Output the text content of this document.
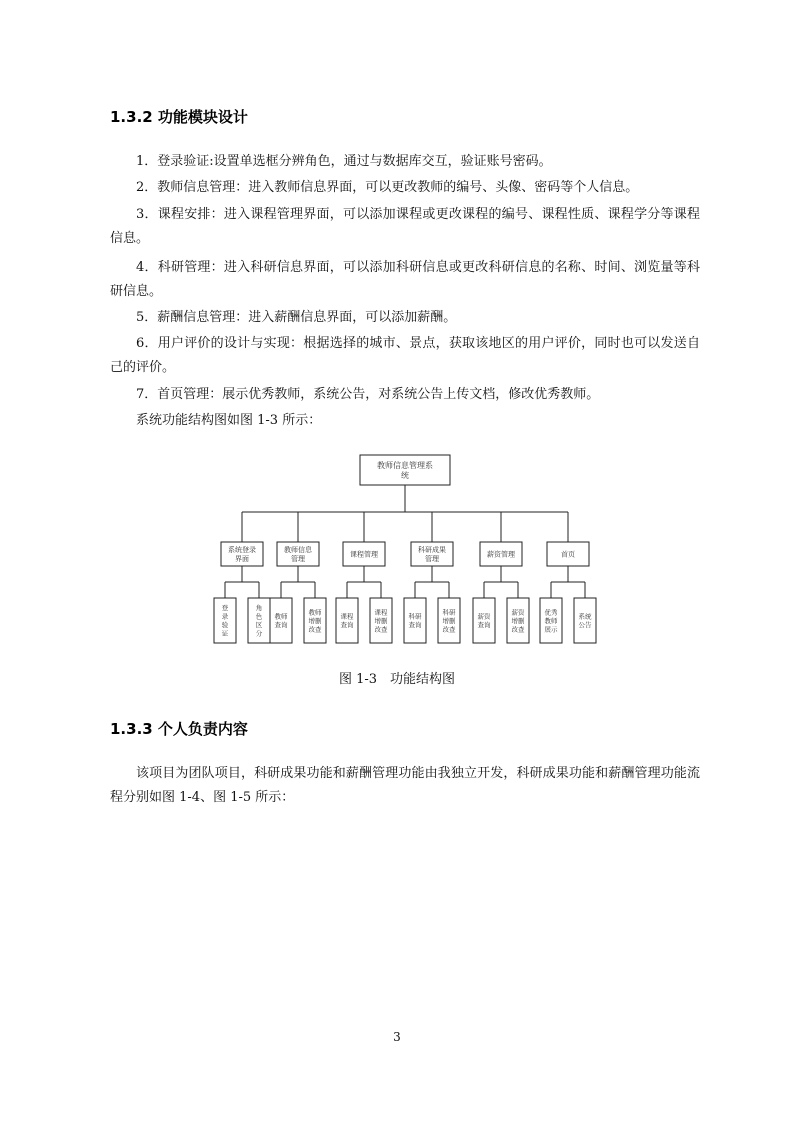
1.3.2 功能模块设计

1．登录验证:设置单选框分辨角色，通过与数据库交互，验证账号密码。

2．教师信息管理：进入教师信息界面，可以更改教师的编号、头像、密码等个人信息。

3．课程安排：进入课程管理界面，可以添加课程或更改课程的编号、课程性质、课程学分等课程信息。

4．科研管理：进入科研信息界面，可以添加科研信息或更改科研信息的名称、时间、浏览量等科研信息。

5．薪酬信息管理：进入薪酬信息界面，可以添加薪酬。

6．用户评价的设计与实现：根据选择的城市、景点，获取该地区的用户评价，同时也可以发送自己的评价。

7．首页管理：展示优秀教师，系统公告，对系统公告上传文档，修改优秀教师。

系统功能结构图如图 1-3 所示：

教师信息管理系
统
系统登录
界面
登
录
验
证
角
色
区
分
教师信息
管理
教师
查询
教师
增删
改查
课程管理
课程
查询
课程
增删
改查
科研成果
管理
科研
查询
科研
增删
改查
薪资管理
薪资
查询
薪资
增删
改查
首页
优秀
教师
展示
系统
公告

图 1-3　功能结构图

1.3.3 个人负责内容

该项目为团队项目，科研成果功能和薪酬管理功能由我独立开发，科研成果功能和薪酬管理功能流程分别如图 1-4、图 1-5 所示：

3
